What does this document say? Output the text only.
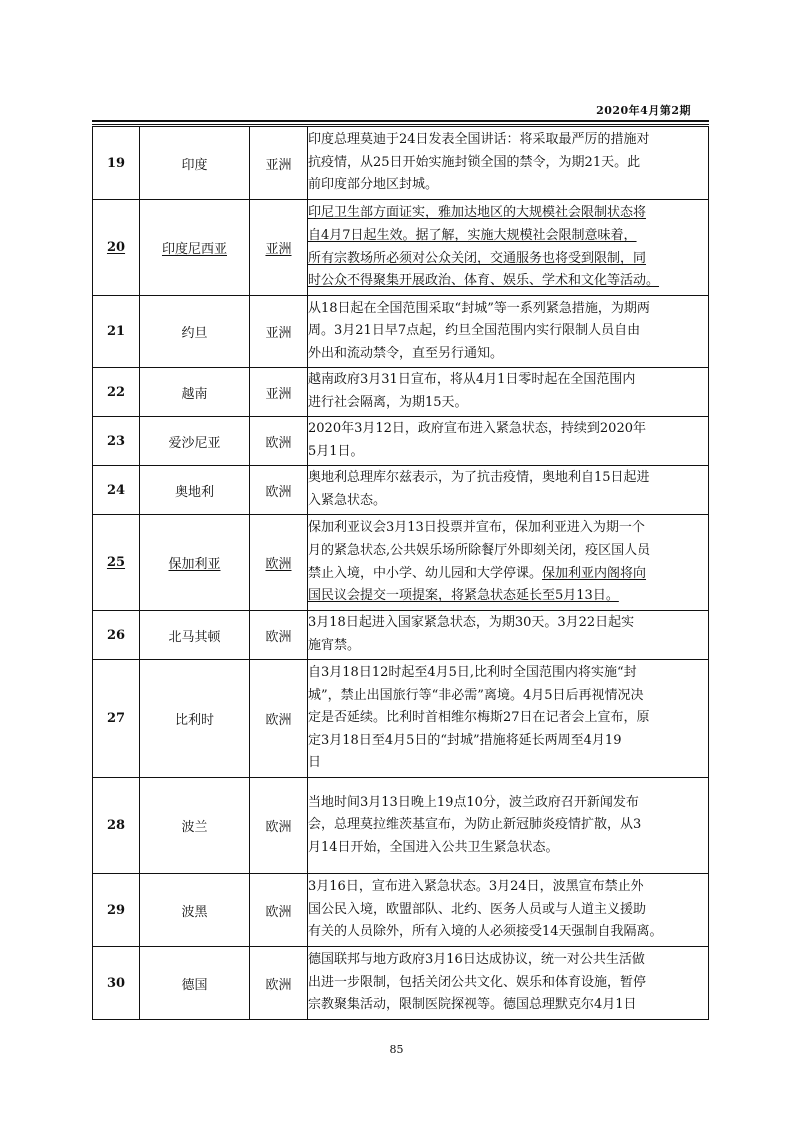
2020年4月第2期
19	印度	亚洲	印度总理莫迪于24日发表全国讲话：将采取最严厉的措施对
抗疫情，从25日开始实施封锁全国的禁令，为期21天。此
前印度部分地区封城。

20	印度尼西亚	亚洲	印尼卫生部方面证实，雅加达地区的大规模社会限制状态将
自4月7日起生效。据了解，实施大规模社会限制意味着，
所有宗教场所必须对公众关闭，交通服务也将受到限制，同
时公众不得聚集开展政治、体育、娱乐、学术和文化等活动。

21	约旦	亚洲	从18日起在全国范围采取“封城”等一系列紧急措施，为期两
周。3月21日早7点起，约旦全国范围内实行限制人员自由
外出和流动禁令，直至另行通知。

22	越南	亚洲	越南政府3月31日宣布，将从4月1日零时起在全国范围内
进行社会隔离，为期15天。

23	爱沙尼亚	欧洲	2020年3月12日，政府宣布进入紧急状态，持续到2020年
5月1日。

24	奥地利	欧洲	奥地利总理库尔兹表示，为了抗击疫情，奥地利自15日起进
入紧急状态。

25	保加利亚	欧洲	保加利亚议会3月13日投票并宣布，保加利亚进入为期一个
月的紧急状态,公共娱乐场所除餐厅外即刻关闭，疫区国人员
禁止入境，中小学、幼儿园和大学停课。保加利亚内阁将向
国民议会提交一项提案，将紧急状态延长至5月13日。

26	北马其顿	欧洲	3月18日起进入国家紧急状态，为期30天。3月22日起实
施宵禁。

27	比利时	欧洲	自3月18日12时起至4月5日,比利时全国范围内将实施“封
城”，禁止出国旅行等“非必需”离境。4月5日后再视情况决
定是否延续。比利时首相维尔梅斯27日在记者会上宣布，原
定3月18日至4月5日的“封城”措施将延长两周至4月19
日

28	波兰	欧洲	当地时间3月13日晚上19点10分，波兰政府召开新闻发布
会，总理莫拉维茨基宣布，为防止新冠肺炎疫情扩散，从3
月14日开始，全国进入公共卫生紧急状态。

29	波黑	欧洲	3月16日，宣布进入紧急状态。3月24日，波黑宣布禁止外
国公民入境，欧盟部队、北约、医务人员或与人道主义援助
有关的人员除外，所有入境的人必须接受14天强制自我隔离。

30	德国	欧洲	德国联邦与地方政府3月16日达成协议，统一对公共生活做
出进一步限制，包括关闭公共文化、娱乐和体育设施，暂停
宗教聚集活动，限制医院探视等。德国总理默克尔4月1日
85
